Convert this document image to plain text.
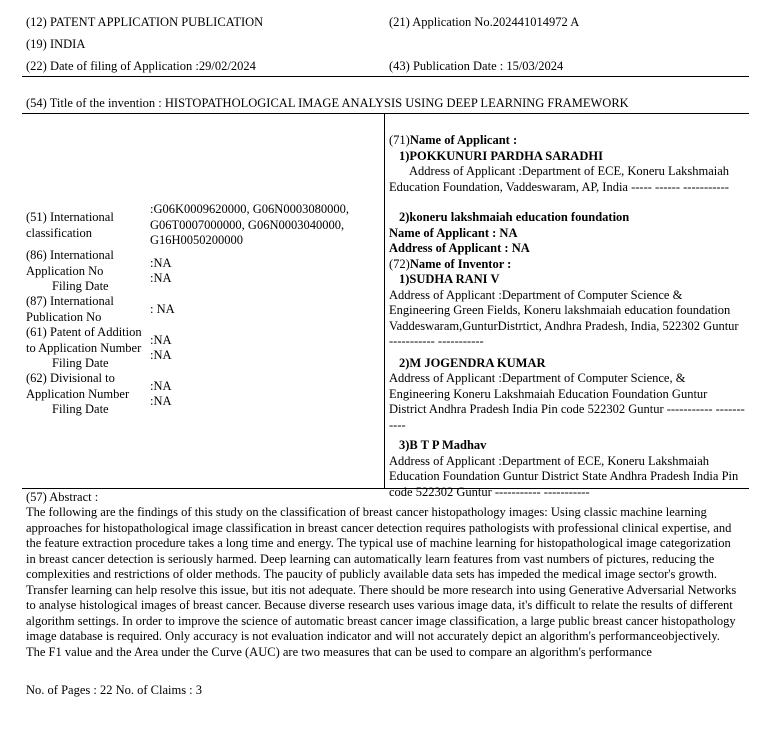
(12) PATENT APPLICATION PUBLICATION
(19) INDIA
(22) Date of filing of Application :29/02/2024
(21) Application No.202441014972 A
(43) Publication Date : 15/03/2024
(54) Title of the invention : HISTOPATHOLOGICAL IMAGE ANALYSIS USING DEEP LEARNING FRAMEWORK
(51) International classification
:G06K0009620000, G06N0003080000, G06T0007000000, G06N0003040000, G16H0050200000
(86) International Application No
Filing Date
:NA
:NA
(87) International Publication No
: NA
(61) Patent of Addition to Application Number
Filing Date
:NA
:NA
(62) Divisional to Application Number
Filing Date
:NA
:NA
(71)Name of Applicant :
1)POKKUNURI PARDHA SARADHI
Address of Applicant :Department of ECE, Koneru Lakshmaiah Education Foundation, Vaddeswaram, AP, India ----- ------ -----------
2)koneru lakshmaiah education foundation
Name of Applicant : NA
Address of Applicant : NA
(72)Name of Inventor :
1)SUDHA RANI V
Address of Applicant :Department of Computer Science & Engineering Green Fields, Koneru lakshmaiah education foundation Vaddeswaram,GunturDistrtict, Andhra Pradesh, India, 522302 Guntur ----------- -----------
2)M JOGENDRA KUMAR
Address of Applicant :Department of Computer Science, & Engineering Koneru Lakshmaiah Education Foundation Guntur District Andhra Pradesh India Pin code 522302 Guntur ----------- -----------
3)B T P Madhav
Address of Applicant :Department of ECE, Koneru Lakshmaiah Education Foundation Guntur District State Andhra Pradesh India Pin code 522302 Guntur ----------- -----------
(57) Abstract :
The following are the findings of this study on the classification of breast cancer histopathology images: Using classic machine learning approaches for histopathological image classification in breast cancer detection requires pathologists with professional clinical expertise, and the feature extraction procedure takes a long time and energy. The typical use of machine learning for histopathological image categorization in breast cancer detection is seriously harmed. Deep learning can automatically learn features from vast numbers of pictures, reducing the complexities and restrictions of older methods. The paucity of publicly available data sets has impeded the medical image sector's growth. Transfer learning can help resolve this issue, but itis not adequate. There should be more research into using Generative Adversarial Networks to analyse histological images of breast cancer. Because diverse research uses various image data, it's difficult to relate the results of different algorithm settings. In order to improve the science of automatic breast cancer image classification, a large public breast cancer histopathology image database is required. Only accuracy is not evaluation indicator and will not accurately depict an algorithm's performanceobjectively. The F1 value and the Area under the Curve (AUC) are two measures that can be used to compare an algorithm's performance
No. of Pages : 22 No. of Claims : 3
